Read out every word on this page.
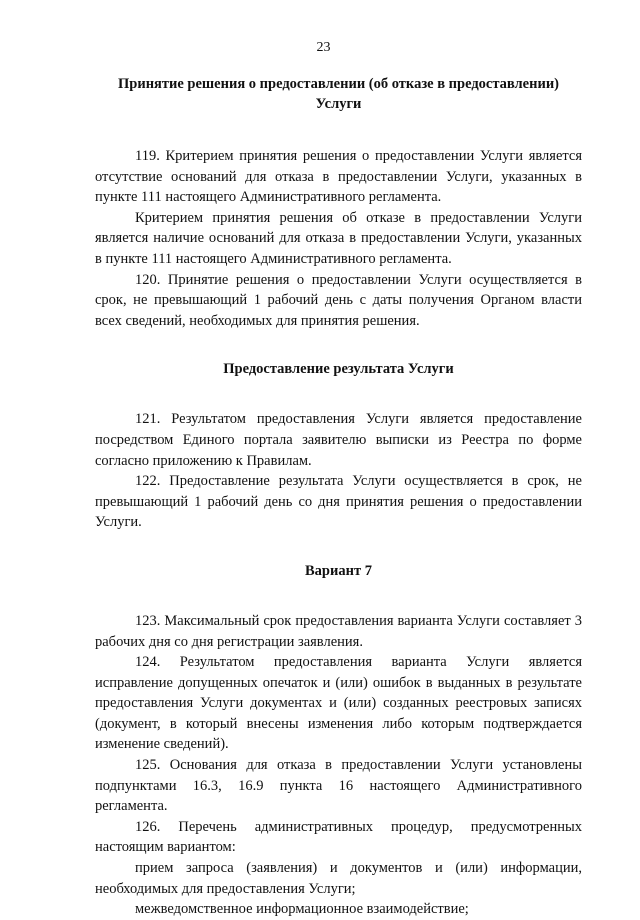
23
Принятие решения о предоставлении (об отказе в предоставлении) Услуги

119. Критерием принятия решения о предоставлении Услуги является отсутствие оснований для отказа в предоставлении Услуги, указанных в пункте 111 настоящего Административного регламента.

Критерием принятия решения об отказе в предоставлении Услуги является наличие оснований для отказа в предоставлении Услуги, указанных в пункте 111 настоящего Административного регламента.

120. Принятие решения о предоставлении Услуги осуществляется в срок, не превышающий 1 рабочий день с даты получения Органом власти всех сведений, необходимых для принятия решения.

Предоставление результата Услуги

121. Результатом предоставления Услуги является предоставление посредством Единого портала заявителю выписки из Реестра по форме согласно приложению к Правилам.

122. Предоставление результата Услуги осуществляется в срок, не превышающий 1 рабочий день со дня принятия решения о предоставлении Услуги.

Вариант 7

123. Максимальный срок предоставления варианта Услуги составляет 3 рабочих дня со дня регистрации заявления.

124. Результатом предоставления варианта Услуги является исправление допущенных опечаток и (или) ошибок в выданных в результате предоставления Услуги документах и (или) созданных реестровых записях (документ, в который внесены изменения либо которым подтверждается изменение сведений).

125. Основания для отказа в предоставлении Услуги установлены подпунктами 16.3, 16.9 пункта 16 настоящего Административного регламента.

126. Перечень административных процедур, предусмотренных настоящим вариантом:

прием запроса (заявления) и документов и (или) информации, необходимых для предоставления Услуги;

межведомственное информационное взаимодействие;
